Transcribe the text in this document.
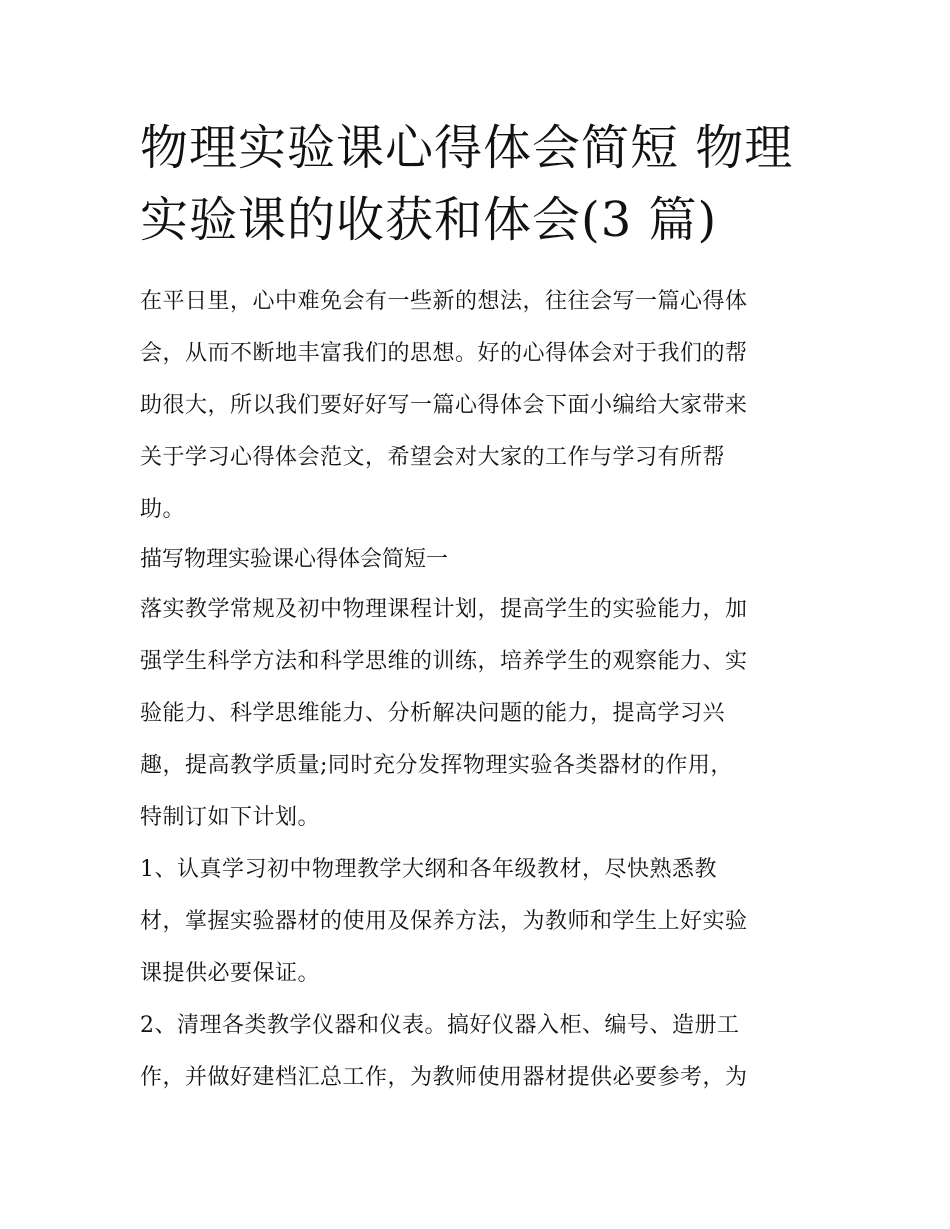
物理实验课心得体会简短 物理
实验课的收获和体会(3 篇)

在平日里，心中难免会有一些新的想法，往往会写一篇心得体
会，从而不断地丰富我们的思想。好的心得体会对于我们的帮
助很大，所以我们要好好写一篇心得体会下面小编给大家带来
关于学习心得体会范文，希望会对大家的工作与学习有所帮
助。

描写物理实验课心得体会简短一

落实教学常规及初中物理课程计划，提高学生的实验能力，加
强学生科学方法和科学思维的训练，培养学生的观察能力、实
验能力、科学思维能力、分析解决问题的能力，提高学习兴
趣，提高教学质量;同时充分发挥物理实验各类器材的作用，
特制订如下计划。

1、认真学习初中物理教学大纲和各年级教材，尽快熟悉教
材，掌握实验器材的使用及保养方法，为教师和学生上好实验
课提供必要保证。

2、清理各类教学仪器和仪表。搞好仪器入柜、编号、造册工
作，并做好建档汇总工作，为教师使用器材提供必要参考，为
